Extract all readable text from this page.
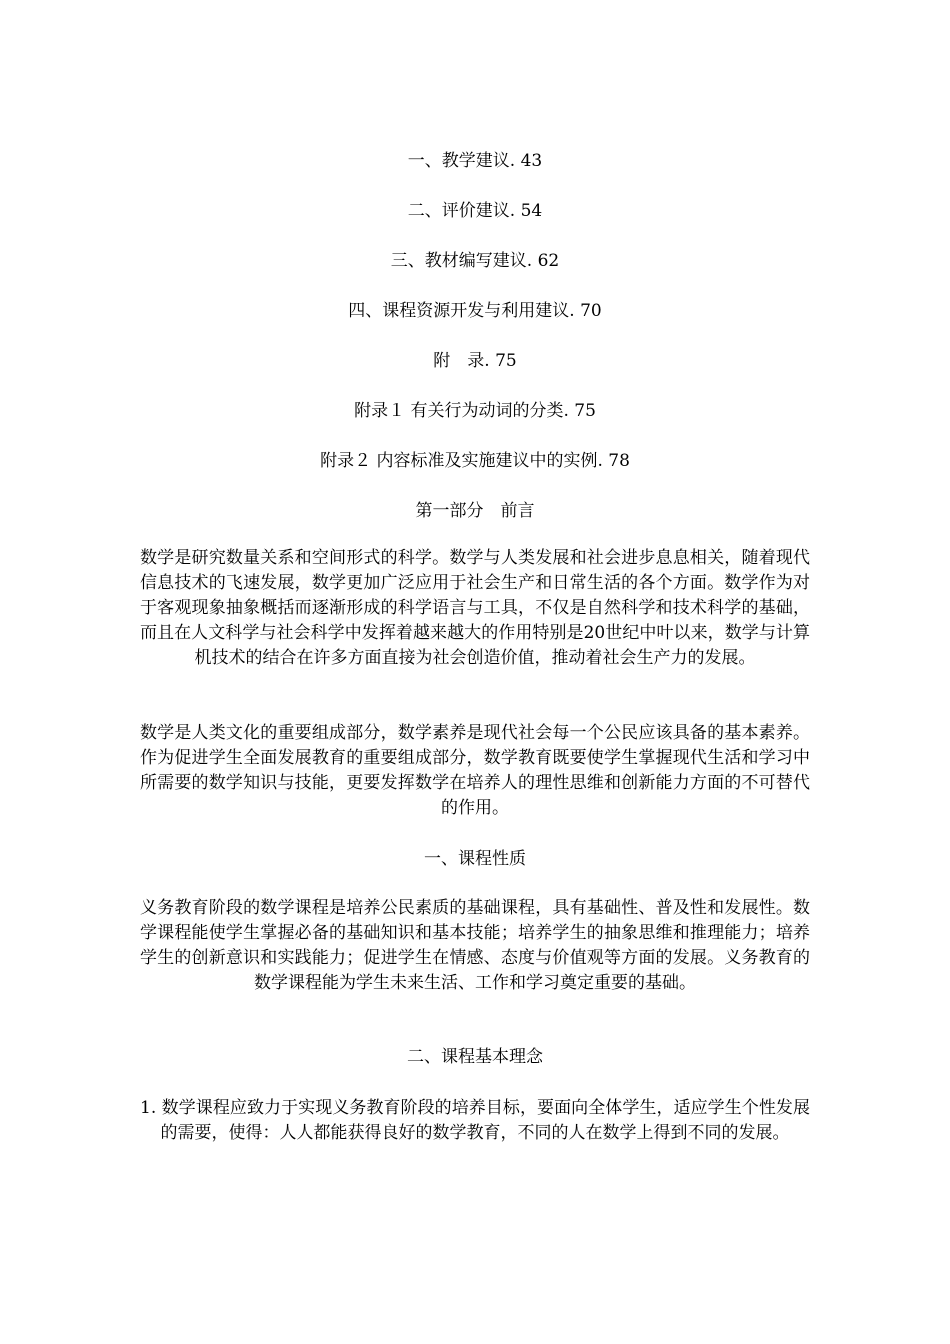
一、教学建议. 43
二、评价建议. 54
三、教材编写建议. 62
四、课程资源开发与利用建议. 70
附　录. 75
附录１ 有关行为动词的分类. 75
附录２ 内容标准及实施建议中的实例. 78
第一部分　前言
数学是研究数量关系和空间形式的科学。数学与人类发展和社会进步息息相关，随着现代信息技术的飞速发展，数学更加广泛应用于社会生产和日常生活的各个方面。数学作为对于客观现象抽象概括而逐渐形成的科学语言与工具，不仅是自然科学和技术科学的基础，而且在人文科学与社会科学中发挥着越来越大的作用特别是20世纪中叶以来，数学与计算机技术的结合在许多方面直接为社会创造价值，推动着社会生产力的发展。
数学是人类文化的重要组成部分，数学素养是现代社会每一个公民应该具备的基本素养。作为促进学生全面发展教育的重要组成部分，数学教育既要使学生掌握现代生活和学习中所需要的数学知识与技能，更要发挥数学在培养人的理性思维和创新能力方面的不可替代的作用。
一、课程性质
义务教育阶段的数学课程是培养公民素质的基础课程，具有基础性、普及性和发展性。数学课程能使学生掌握必备的基础知识和基本技能；培养学生的抽象思维和推理能力；培养学生的创新意识和实践能力；促进学生在情感、态度与价值观等方面的发展。义务教育的数学课程能为学生未来生活、工作和学习奠定重要的基础。
二、课程基本理念
1. 数学课程应致力于实现义务教育阶段的培养目标，要面向全体学生，适应学生个性发展的需要，使得：人人都能获得良好的数学教育，不同的人在数学上得到不同的发展。
